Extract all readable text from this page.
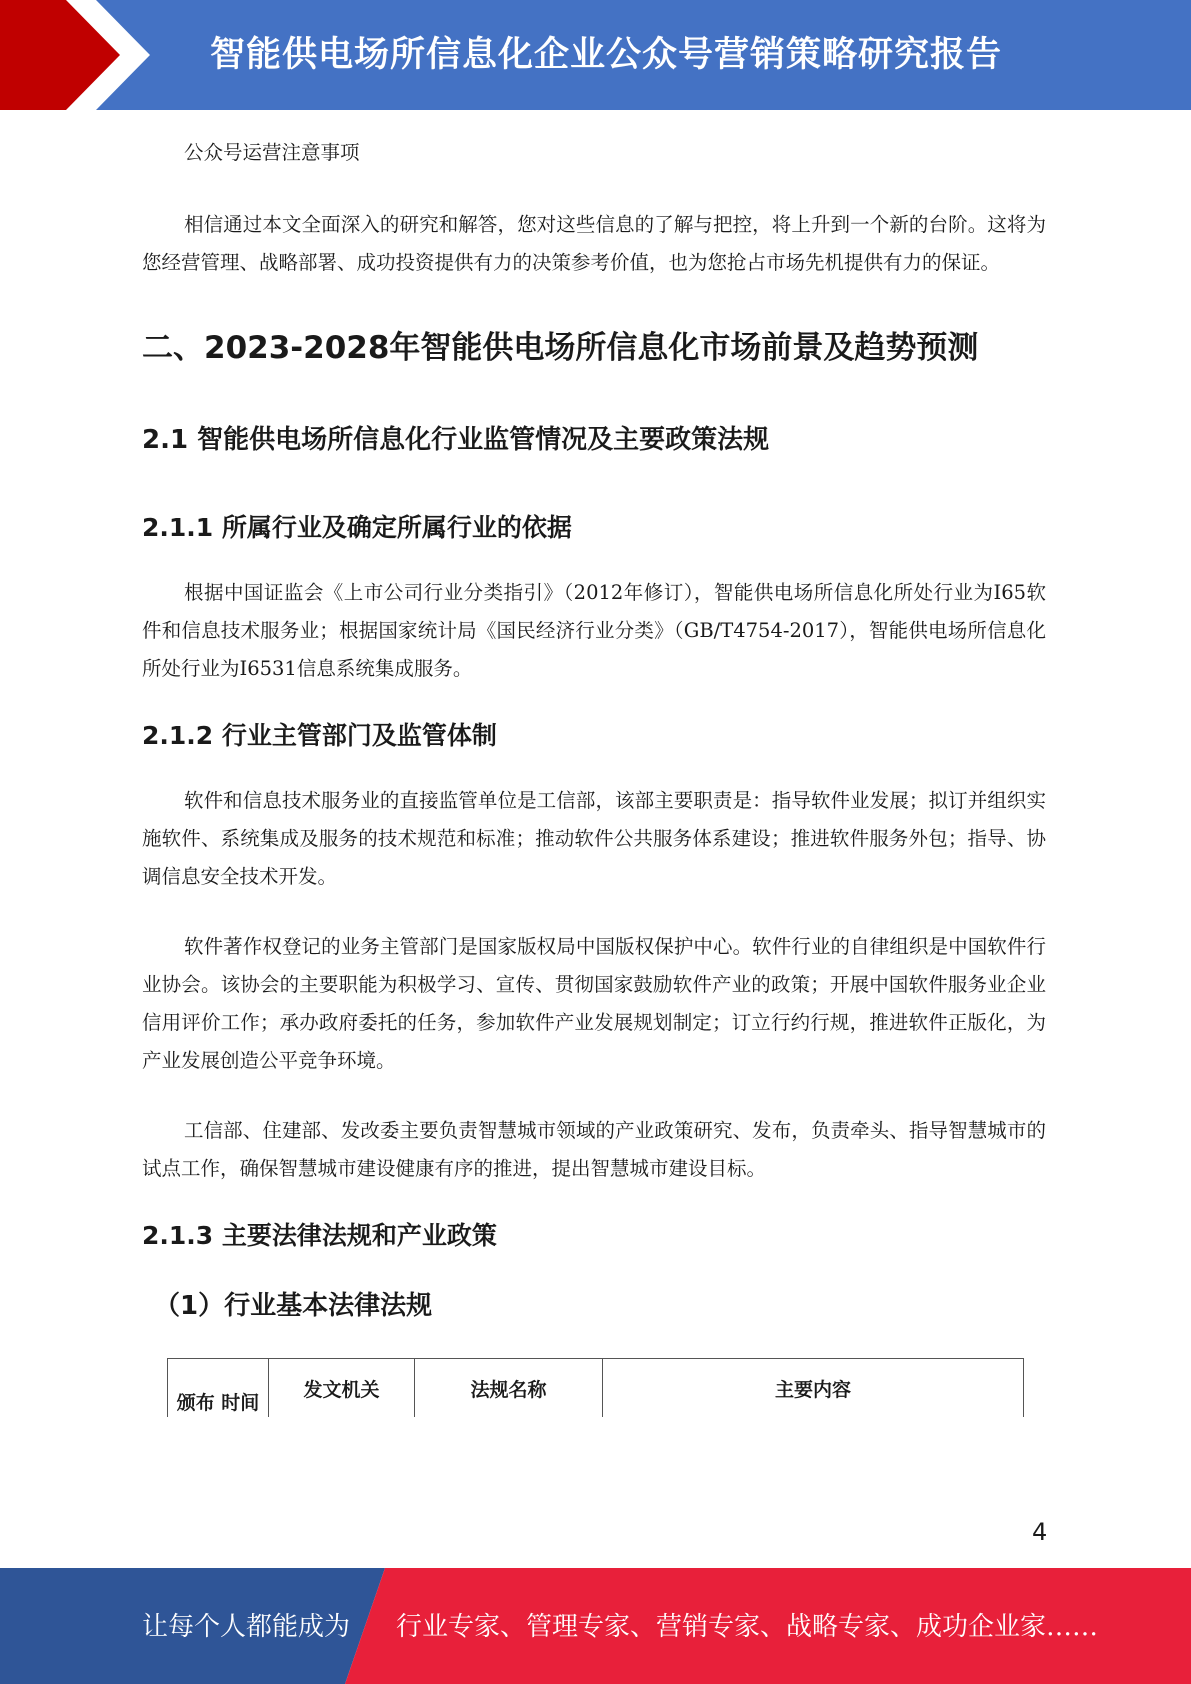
智能供电场所信息化企业公众号营销策略研究报告

公众号运营注意事项

相信通过本文全面深入的研究和解答，您对这些信息的了解与把控，将上升到一个新的台阶。这将为您经营管理、战略部署、成功投资提供有力的决策参考价值，也为您抢占市场先机提供有力的保证。

二、2023-2028年智能供电场所信息化市场前景及趋势预测
2.1 智能供电场所信息化行业监管情况及主要政策法规
2.1.1 所属行业及确定所属行业的依据

根据中国证监会《上市公司行业分类指引》（2012年修订），智能供电场所信息化所处行业为I65软件和信息技术服务业；根据国家统计局《国民经济行业分类》（GB/T4754-2017），智能供电场所信息化所处行业为I6531信息系统集成服务。

2.1.2 行业主管部门及监管体制

软件和信息技术服务业的直接监管单位是工信部，该部主要职责是：指导软件业发展；拟订并组织实施软件、系统集成及服务的技术规范和标准；推动软件公共服务体系建设；推进软件服务外包；指导、协调信息安全技术开发。

软件著作权登记的业务主管部门是国家版权局中国版权保护中心。软件行业的自律组织是中国软件行业协会。该协会的主要职能为积极学习、宣传、贯彻国家鼓励软件产业的政策；开展中国软件服务业企业信用评价工作；承办政府委托的任务，参加软件产业发展规划制定；订立行约行规，推进软件正版化，为产业发展创造公平竞争环境。

工信部、住建部、发改委主要负责智慧城市领域的产业政策研究、发布，负责牵头、指导智慧城市的试点工作，确保智慧城市建设健康有序的推进，提出智慧城市建设目标。

2.1.3 主要法律法规和产业政策
（1）行业基本法律法规
颁布 时间	发文机关	法规名称	主要内容
4
让每个人都能成为 行业专家、管理专家、营销专家、战略专家、成功企业家……
